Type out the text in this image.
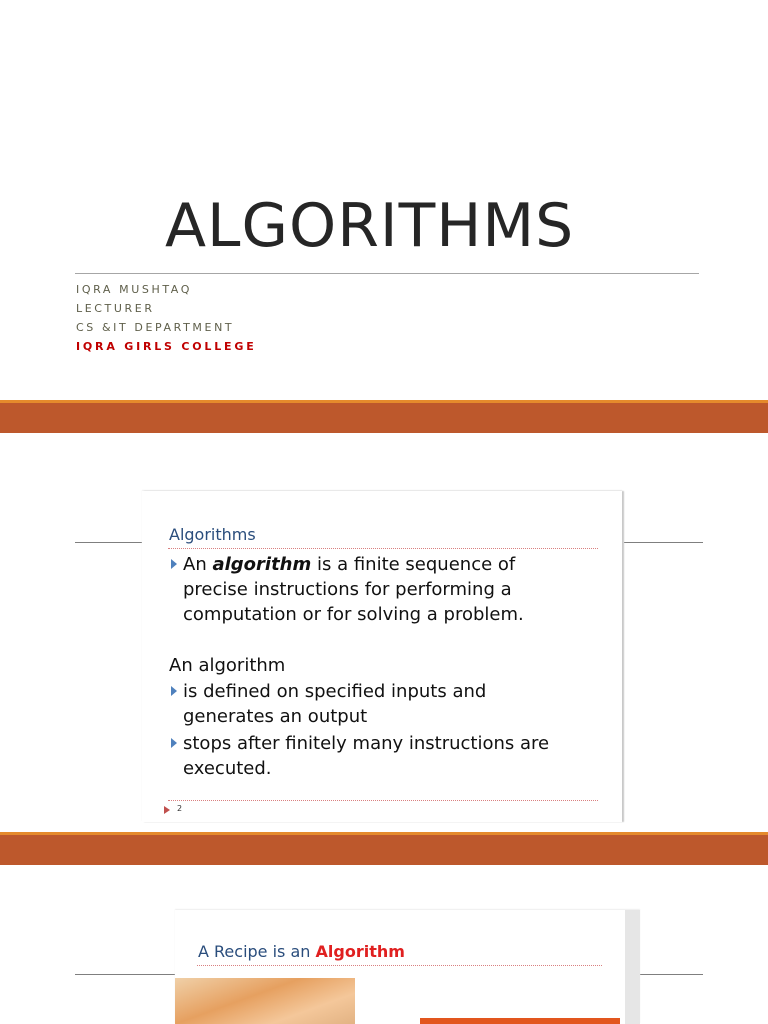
ALGORITHMS
IQRA MUSHTAQ
LECTURER
CS &IT DEPARTMENT
IQRA GIRLS COLLEGE
Algorithms
An algorithm is a finite sequence of
precise instructions for performing a
computation or for solving a problem.
An algorithm
is defined on specified inputs and
generates an output
stops after finitely many instructions are
executed.
2
A Recipe is an Algorithm
